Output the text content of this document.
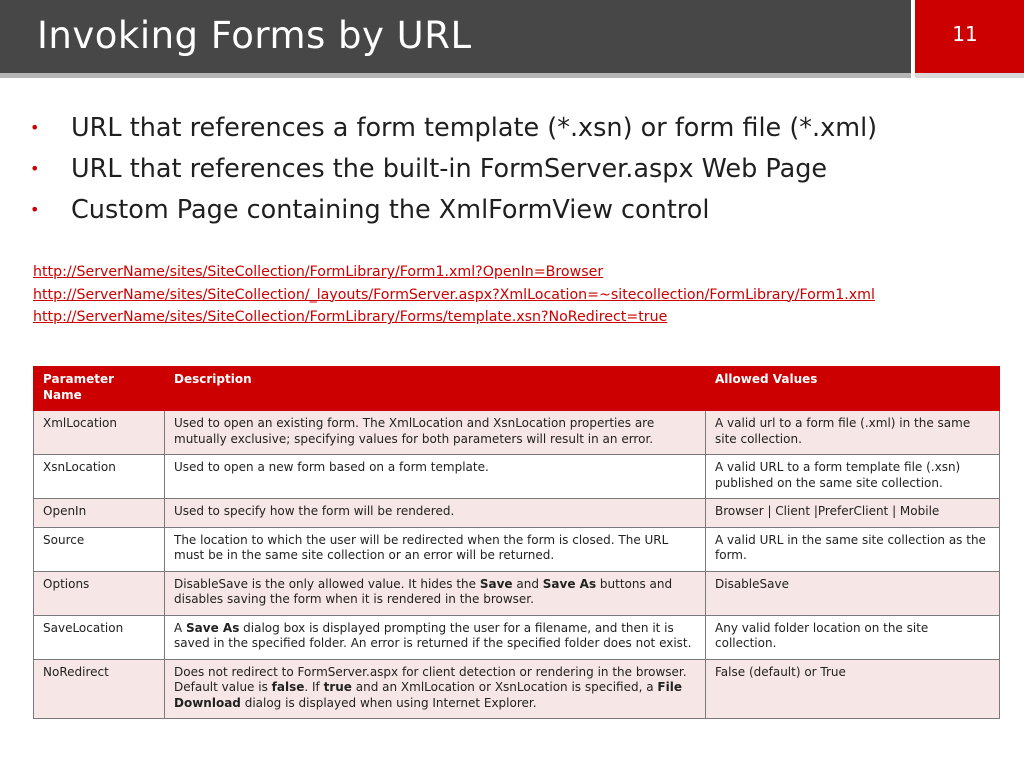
Invoking Forms by URL	11
• URL that references a form template (*.xsn) or form file (*.xml)
• URL that references the built-in FormServer.aspx Web Page
• Custom Page containing the XmlFormView control
http://ServerName/sites/SiteCollection/FormLibrary/Form1.xml?OpenIn=Browser
http://ServerName/sites/SiteCollection/_layouts/FormServer.aspx?XmlLocation=~sitecollection/FormLibrary/Form1.xml
http://ServerName/sites/SiteCollection/FormLibrary/Forms/template.xsn?NoRedirect=true
Parameter Name	Description	Allowed Values
XmlLocation	Used to open an existing form. The XmlLocation and XsnLocation properties are mutually exclusive; specifying values for both parameters will result in an error.	A valid url to a form file (.xml) in the same site collection.
XsnLocation	Used to open a new form based on a form template.	A valid URL to a form template file (.xsn) published on the same site collection.
OpenIn	Used to specify how the form will be rendered.	Browser | Client |PreferClient | Mobile
Source	The location to which the user will be redirected when the form is closed. The URL must be in the same site collection or an error will be returned.	A valid URL in the same site collection as the form.
Options	DisableSave is the only allowed value. It hides the Save and Save As buttons and disables saving the form when it is rendered in the browser.	DisableSave
SaveLocation	A Save As dialog box is displayed prompting the user for a filename, and then it is saved in the specified folder. An error is returned if the specified folder does not exist.	Any valid folder location on the site collection.
NoRedirect	Does not redirect to FormServer.aspx for client detection or rendering in the browser. Default value is false. If true and an XmlLocation or XsnLocation is specified, a File Download dialog is displayed when using Internet Explorer.	False (default) or True
